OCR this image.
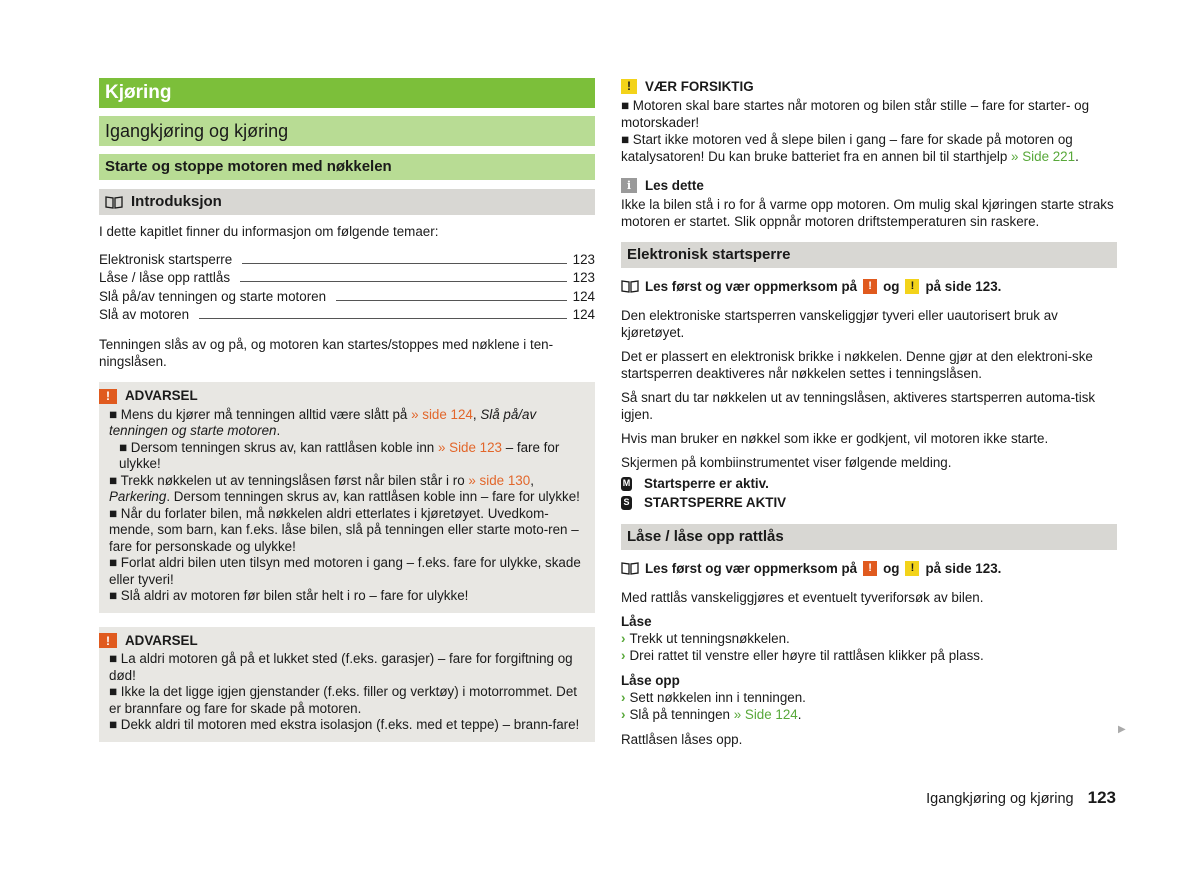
Kjøring
Igangkjøring og kjøring
Starte og stoppe motoren med nøkkelen
Introduksjon

I dette kapitlet finner du informasjon om følgende temaer:

Elektronisk startsperre	123
Låse / låse opp rattlås	123
Slå på/av tenningen og starte motoren	124
Slå av motoren	124

Tenningen slås av og på, og motoren kan startes/stoppes med nøklene i ten-ningslåsen.

!	ADVARSEL
■ Mens du kjører må tenningen alltid være slått på » side 124, Slå på/av tenningen og starte motoren.
■ Dersom tenningen skrus av, kan rattlåsen koble inn » Side 123 – fare for ulykke!
■ Trekk nøkkelen ut av tenningslåsen først når bilen står i ro » side 130, Parkering. Dersom tenningen skrus av, kan rattlåsen koble inn – fare for ulykke!
■ Når du forlater bilen, må nøkkelen aldri etterlates i kjøretøyet. Uvedkom-mende, som barn, kan f.eks. låse bilen, slå på tenningen eller starte moto-ren – fare for personskade og ulykke!
■ Forlat aldri bilen uten tilsyn med motoren i gang – f.eks. fare for ulykke, skade eller tyveri!
■ Slå aldri av motoren før bilen står helt i ro – fare for ulykke!
!	ADVARSEL
■ La aldri motoren gå på et lukket sted (f.eks. garasjer) – fare for forgiftning og død!
■ Ikke la det ligge igjen gjenstander (f.eks. filler og verktøy) i motorrommet. Det er brannfare og fare for skade på motoren.
■ Dekk aldri til motoren med ekstra isolasjon (f.eks. med et teppe) – brann-fare!
!	VÆR FORSIKTIG
■ Motoren skal bare startes når motoren og bilen står stille – fare for starter- og motorskader!
■ Start ikke motoren ved å slepe bilen i gang – fare for skade på motoren og katalysatoren! Du kan bruke batteriet fra en annen bil til starthjelp » Side 221.
i	Les dette
Ikke la bilen stå i ro for å varme opp motoren. Om mulig skal kjøringen starte straks motoren er startet. Slik oppnår motoren driftstemperaturen sin raskere.
Elektronisk startsperre
Les først og vær oppmerksom på	! og	! på side 123.

Den elektroniske startsperren vanskeliggjør tyveri eller uautorisert bruk av kjøretøyet.

Det er plassert en elektronisk brikke i nøkkelen. Denne gjør at den elektroni-ske startsperren deaktiveres når nøkkelen settes i tenningslåsen.

Så snart du tar nøkkelen ut av tenningslåsen, aktiveres startsperren automa-tisk igjen.

Hvis man bruker en nøkkel som ikke er godkjent, vil motoren ikke starte.

Skjermen på kombiinstrumentet viser følgende melding.

M Startsperre er aktiv.
S STARTSPERRE AKTIV
Låse / låse opp rattlås
Les først og vær oppmerksom på	! og	! på side 123.

Med rattlås vanskeliggjøres et eventuelt tyveriforsøk av bilen.

Låse
› Trekk ut tenningsnøkkelen.
› Drei rattet til venstre eller høyre til rattlåsen klikker på plass.
Låse opp
› Sett nøkkelen inn i tenningen.
› Slå på tenningen » Side 124.

Rattlåsen låses opp.

▶
Igangkjøring og kjøring 123
